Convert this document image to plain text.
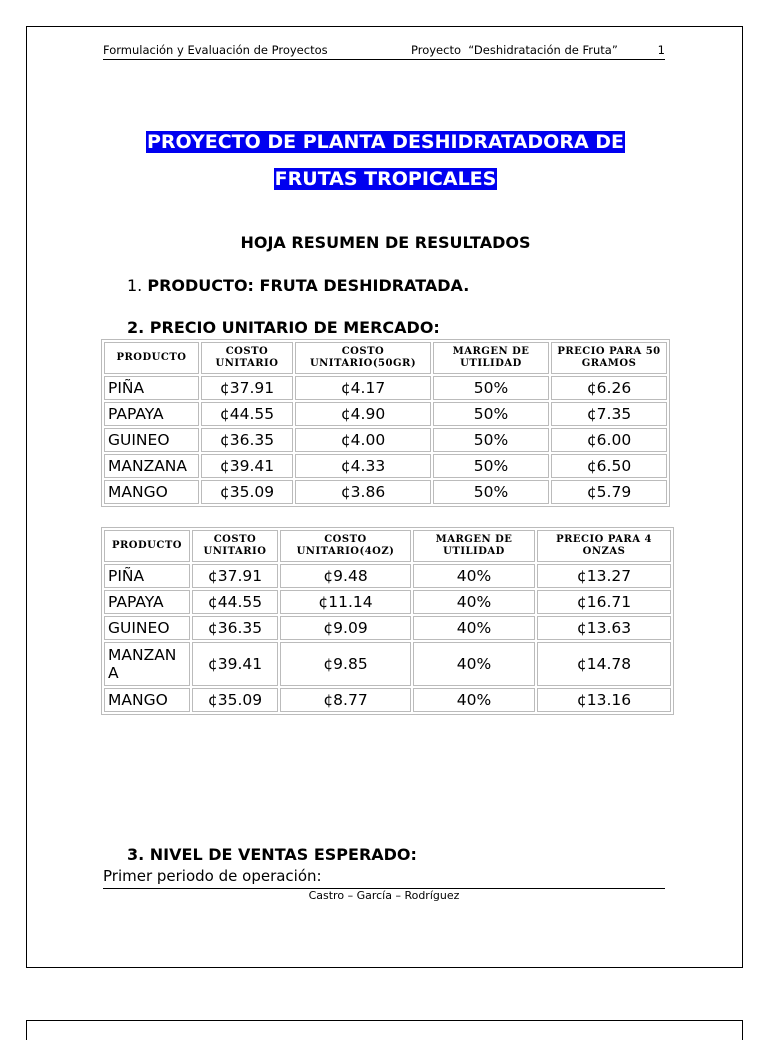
Formulación y Evaluación de Proyectos	Proyecto  “Deshidratación de Fruta”	1
PROYECTO DE PLANTA DESHIDRATADORA DE
FRUTAS TROPICALES
HOJA RESUMEN DE RESULTADOS
1. PRODUCTO: FRUTA DESHIDRATADA.
2. PRECIO UNITARIO DE MERCADO:
PRODUCTO	COSTO UNITARIO	COSTO UNITARIO(50GR)	MARGEN DE UTILIDAD	PRECIO PARA 50 GRAMOS
PIÑA	¢37.91	¢4.17	50%	¢6.26
PAPAYA	¢44.55	¢4.90	50%	¢7.35
GUINEO	¢36.35	¢4.00	50%	¢6.00
MANZANA	¢39.41	¢4.33	50%	¢6.50
MANGO	¢35.09	¢3.86	50%	¢5.79
PRODUCTO	COSTO UNITARIO	COSTO UNITARIO(4OZ)	MARGEN DE UTILIDAD	PRECIO PARA 4 ONZAS
PIÑA	¢37.91	¢9.48	40%	¢13.27
PAPAYA	¢44.55	¢11.14	40%	¢16.71
GUINEO	¢36.35	¢9.09	40%	¢13.63
MANZANA	¢39.41	¢9.85	40%	¢14.78
MANGO	¢35.09	¢8.77	40%	¢13.16
3. NIVEL DE VENTAS ESPERADO:
Primer periodo de operación:
Castro – García – Rodríguez
